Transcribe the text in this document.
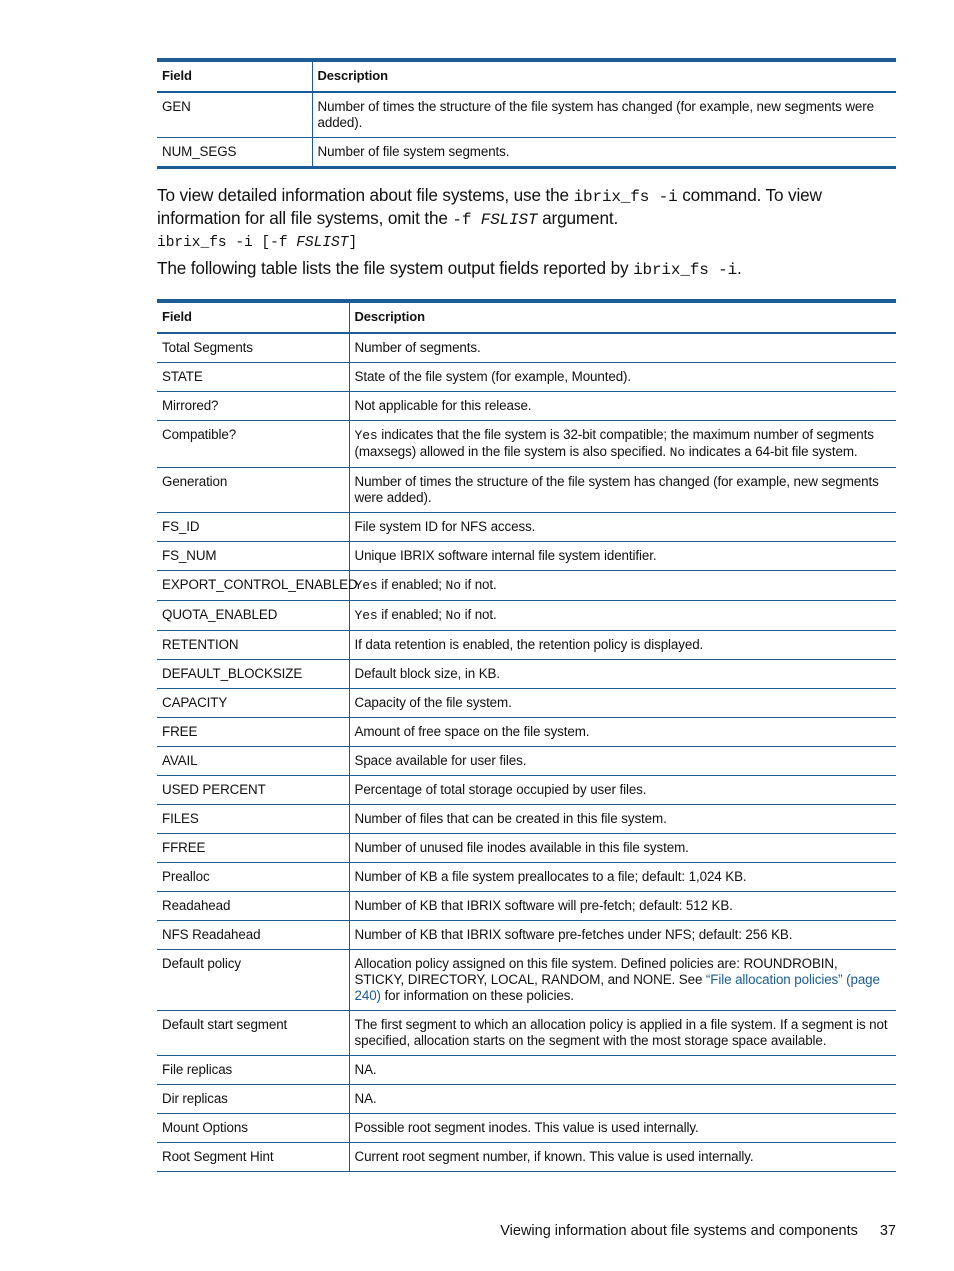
Field	Description
GEN	Number of times the structure of the file system has changed (for example, new segments were added).
NUM_SEGS	Number of file system segments.

To view detailed information about file systems, use the ibrix_fs -i command. To view information for all file systems, omit the -f FSLIST argument.

ibrix_fs -i [-f FSLIST]

The following table lists the file system output fields reported by ibrix_fs -i.

Field	Description
Total Segments	Number of segments.
STATE	State of the file system (for example, Mounted).
Mirrored?	Not applicable for this release.
Compatible?	Yes indicates that the file system is 32-bit compatible; the maximum number of segments (maxsegs) allowed in the file system is also specified. No indicates a 64-bit file system.
Generation	Number of times the structure of the file system has changed (for example, new segments were added).
FS_ID	File system ID for NFS access.
FS_NUM	Unique IBRIX software internal file system identifier.
EXPORT_CONTROL_ENABLED	Yes if enabled; No if not.
QUOTA_ENABLED	Yes if enabled; No if not.
RETENTION	If data retention is enabled, the retention policy is displayed.
DEFAULT_BLOCKSIZE	Default block size, in KB.
CAPACITY	Capacity of the file system.
FREE	Amount of free space on the file system.
AVAIL	Space available for user files.
USED PERCENT	Percentage of total storage occupied by user files.
FILES	Number of files that can be created in this file system.
FFREE	Number of unused file inodes available in this file system.
Prealloc	Number of KB a file system preallocates to a file; default: 1,024 KB.
Readahead	Number of KB that IBRIX software will pre-fetch; default: 512 KB.
NFS Readahead	Number of KB that IBRIX software pre-fetches under NFS; default: 256 KB.
Default policy	Allocation policy assigned on this file system. Defined policies are: ROUNDROBIN, STICKY, DIRECTORY, LOCAL, RANDOM, and NONE. See “File allocation policies” (page 240) for information on these policies.
Default start segment	The first segment to which an allocation policy is applied in a file system. If a segment is not specified, allocation starts on the segment with the most storage space available.
File replicas	NA.
Dir replicas	NA.
Mount Options	Possible root segment inodes. This value is used internally.
Root Segment Hint	Current root segment number, if known. This value is used internally.
Viewing information about file systems and components 37
